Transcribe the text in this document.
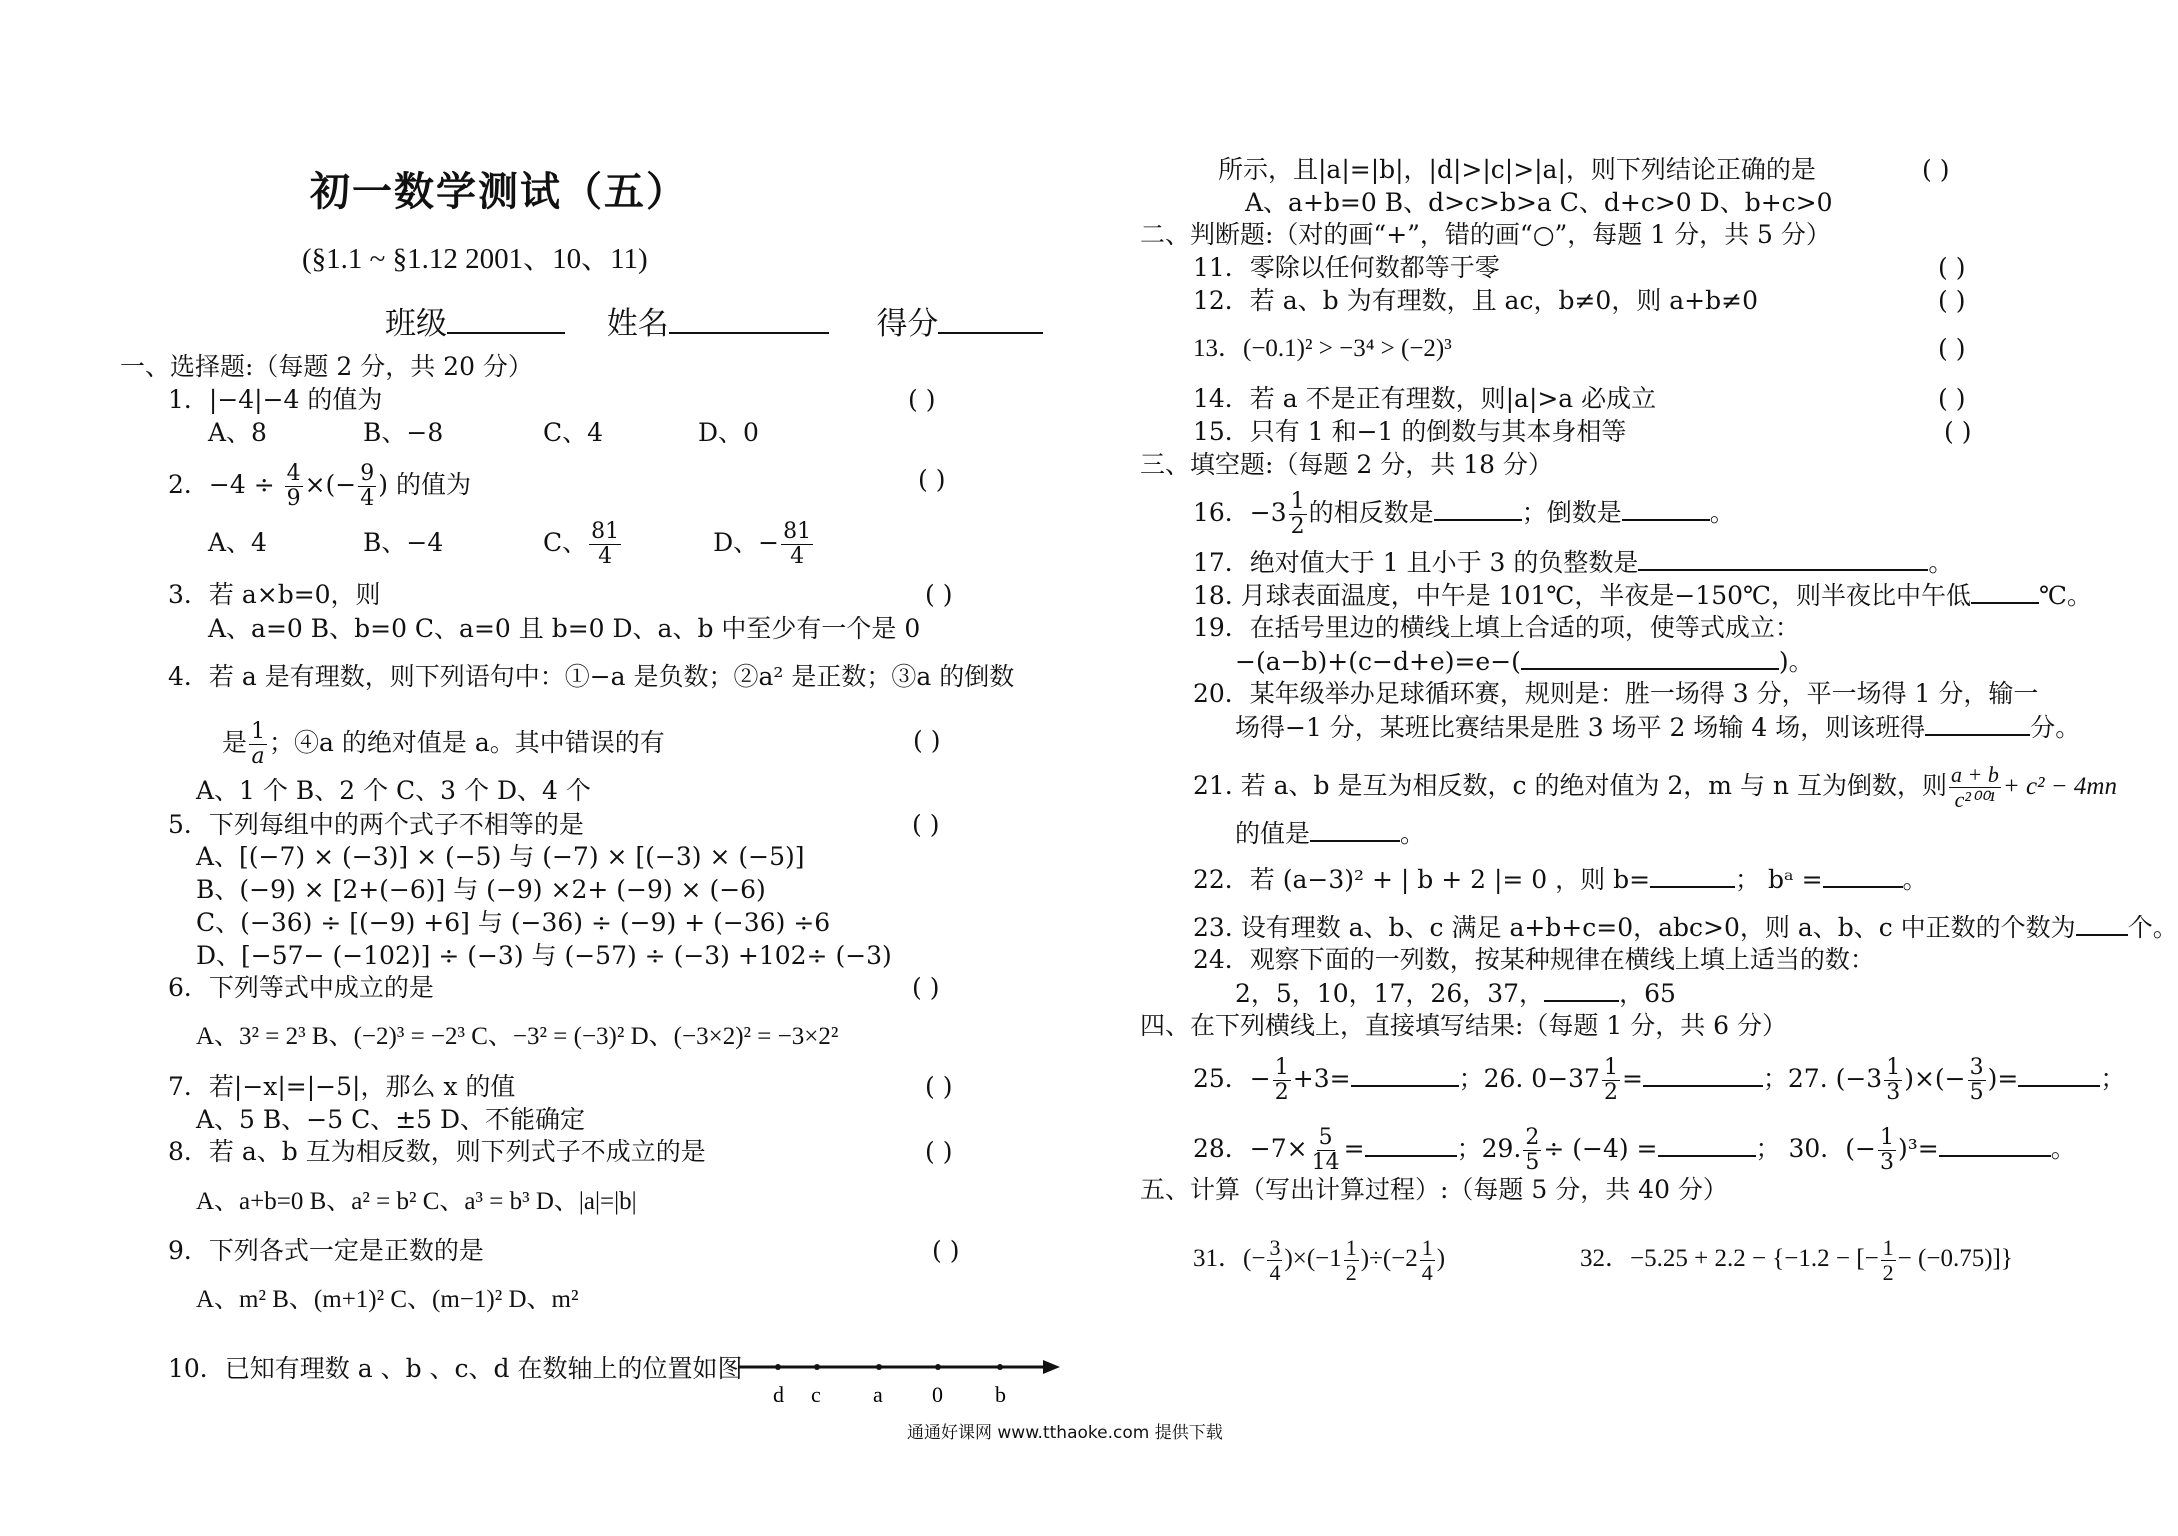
初一数学测试（五）
(§1.1 ~ §1.12 2001、10、11)
班级	姓名	得分
一、选择题:（每题 2 分，共 20 分）
1．|−4|−4 的值为	( )
A、8	B、−8	C、4	D、0
2．$-4 \div \frac{4}{9}$ ×(− $\frac{9}{4}$ ) 的值为	( )
A、4	B、−4	C、 $\frac{81}{4}$	D、− $\frac{81}{4}$
3．若 a×b=0，则	( )
A、a=0 B、b=0 C、a=0 且 b=0 D、a、b 中至少有一个是 0
4．若 a 是有理数，则下列语句中：①−a 是负数；②a² 是正数；③a 的倒数
是 $\frac{1}{a}$ ；④a 的绝对值是 a。其中错误的有	( )
A、1 个 B、2 个 C、3 个 D、4 个
5．下列每组中的两个式子不相等的是	( )
A、[(−7) × (−3)] × (−5) 与 (−7) × [(−3) × (−5)]
B、(−9) × [2+(−6)] 与 (−9) ×2+ (−9) × (−6)
C、(−36) ÷ [(−9) +6] 与 (−36) ÷ (−9) + (−36) ÷6
D、[−57− (−102)] ÷ (−3) 与 (−57) ÷ (−3) +102÷ (−3)
6．下列等式中成立的是	( )
A、3² = 2³ B、(−2)³ = −2³ C、−3² = (−3)² D、(−3×2)² = −3×2²
7．若|−x|=|−5|，那么 x 的值	( )
A、5 B、−5 C、±5 D、不能确定
8．若 a、b 互为相反数，则下列式子不成立的是	( )
A、a+b=0 B、a² = b² C、a³ = b³ D、|a|=|b|
9．下列各式一定是正数的是	( )
A、m² B、(m+1)² C、(m−1)² D、m²
10．已知有理数 a 、b 、c、d 在数轴上的位置如图
d c a 0 b
所示，且|a|=|b|，|d|>|c|>|a|，则下列结论正确的是	( )
A、a+b=0 B、d>c>b>a C、d+c>0 D、b+c>0
二、判断题:（对的画“+”，错的画“○”，每题 1 分，共 5 分）
11．零除以任何数都等于零	( )
12．若 a、b 为有理数，且 ac，b≠0，则 a+b≠0	( )
13．(−0.1)² > −3⁴ > (−2)³	( )
14．若 a 不是正有理数，则|a|>a 必成立	( )
15．只有 1 和−1 的倒数与其本身相等	( )
三、填空题:（每题 2 分，共 18 分）
16．$-3 \frac{1}{2}$ 的相反数是	；倒数是	。
17．绝对值大于 1 且小于 3 的负整数是	。
18. 月球表面温度，中午是 101℃，半夜是−150℃，则半夜比中午低	℃。
19．在括号里边的横线上填上合适的项，使等式成立：
−(a−b)+(c−d+e)=e−(	)。
20．某年级举办足球循环赛，规则是：胜一场得 3 分，平一场得 1 分，输一
场得−1 分，某班比赛结果是胜 3 场平 2 场输 4 场，则该班得	分。
21. 若 a、b 是互为相反数，c 的绝对值为 2，m 与 n 互为倒数，则 $\frac{a + b}{\text{c²⁰⁰¹}} + c^2 - 4mn$
的值是	。
22．若 (a−3)² + | b + 2 |= 0 ，则 b=	； bᵃ =	。
23. 设有理数 a、b、c 满足 a+b+c=0，abc>0，则 a、b、c 中正数的个数为 个。
24．观察下面的一列数，按某种规律在横线上填上适当的数：
2，5，10，17，26，37，	，65
四、在下列横线上，直接填写结果:（每题 1 分，共 6 分）
25．− $\frac{1}{2} +3=$	；26. $0-37 \frac{1}{2}$ =	；27. ($-3 \frac{1}{3}$ )×(− $\frac{3}{5}$ )=	；
28．$-7\times \frac{5}{14}$ =	；29. $\frac{2}{5} \div (-4)$ =	； 30．(− $\frac{1}{3} )^3=$	。
五、计算（写出计算过程）:（每题 5 分，共 40 分）
31．(− $\frac{3}{4} )\times(-1 \frac{1}{2} )\div(-2 \frac{1}{4}$ )	32．−5.25 + 2.2 − {−1.2 − [− $\frac{1}{2} - (-0.75)$]}
通通好课网 www.tthaoke.com 提供下载
